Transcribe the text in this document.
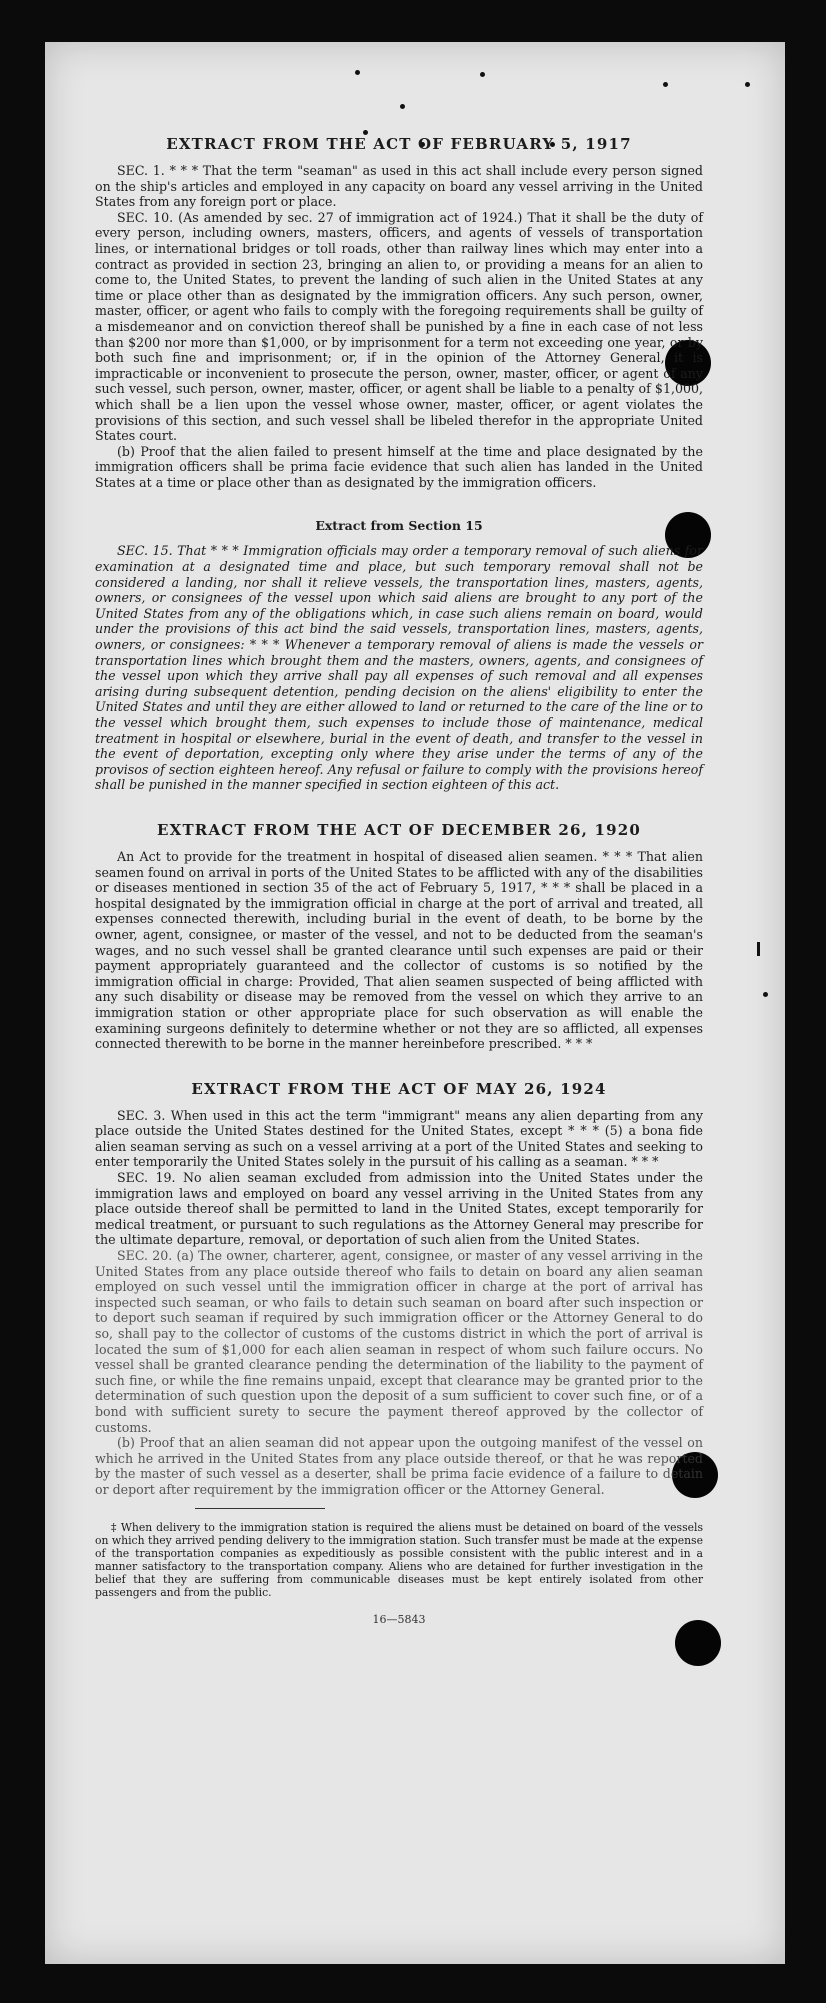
EXTRACT FROM THE ACT OF FEBRUARY 5, 1917

SEC. 1. * * * That the term "seaman" as used in this act shall include every person signed on the ship's articles and employed in any capacity on board any vessel arriving in the United States from any foreign port or place.

SEC. 10. (As amended by sec. 27 of immigration act of 1924.) That it shall be the duty of every person, including owners, masters, officers, and agents of vessels of transportation lines, or international bridges or toll roads, other than railway lines which may enter into a contract as provided in section 23, bringing an alien to, or providing a means for an alien to come to, the United States, to prevent the landing of such alien in the United States at any time or place other than as designated by the immigration officers. Any such person, owner, master, officer, or agent who fails to comply with the foregoing requirements shall be guilty of a misdemeanor and on conviction thereof shall be punished by a fine in each case of not less than $200 nor more than $1,000, or by imprisonment for a term not exceeding one year, or by both such fine and imprisonment; or, if in the opinion of the Attorney General, it is impracticable or inconvenient to prosecute the person, owner, master, officer, or agent of any such vessel, such person, owner, master, officer, or agent shall be liable to a penalty of $1,000, which shall be a lien upon the vessel whose owner, master, officer, or agent violates the provisions of this section, and such vessel shall be libeled therefor in the appropriate United States court.

(b) Proof that the alien failed to present himself at the time and place designated by the immigration officers shall be prima facie evidence that such alien has landed in the United States at a time or place other than as designated by the immigration officers.

Extract from Section 15

SEC. 15. That * * * Immigration officials may order a temporary removal of such aliens for examination at a designated time and place, but such temporary removal shall not be considered a landing, nor shall it relieve vessels, the transportation lines, masters, agents, owners, or consignees of the vessel upon which said aliens are brought to any port of the United States from any of the obligations which, in case such aliens remain on board, would under the provisions of this act bind the said vessels, transportation lines, masters, agents, owners, or consignees: * * * Whenever a temporary removal of aliens is made the vessels or transportation lines which brought them and the masters, owners, agents, and consignees of the vessel upon which they arrive shall pay all expenses of such removal and all expenses arising during subsequent detention, pending decision on the aliens' eligibility to enter the United States and until they are either allowed to land or returned to the care of the line or to the vessel which brought them, such expenses to include those of maintenance, medical treatment in hospital or elsewhere, burial in the event of death, and transfer to the vessel in the event of deportation, excepting only where they arise under the terms of any of the provisos of section eighteen hereof. Any refusal or failure to comply with the provisions hereof shall be punished in the manner specified in section eighteen of this act.

EXTRACT FROM THE ACT OF DECEMBER 26, 1920

An Act to provide for the treatment in hospital of diseased alien seamen. * * * That alien seamen found on arrival in ports of the United States to be afflicted with any of the disabilities or diseases mentioned in section 35 of the act of February 5, 1917, * * * shall be placed in a hospital designated by the immigration official in charge at the port of arrival and treated, all expenses connected therewith, including burial in the event of death, to be borne by the owner, agent, consignee, or master of the vessel, and not to be deducted from the seaman's wages, and no such vessel shall be granted clearance until such expenses are paid or their payment appropriately guaranteed and the collector of customs is so notified by the immigration official in charge: Provided, That alien seamen suspected of being afflicted with any such disability or disease may be removed from the vessel on which they arrive to an immigration station or other appropriate place for such observation as will enable the examining surgeons definitely to determine whether or not they are so afflicted, all expenses connected therewith to be borne in the manner hereinbefore prescribed. * * *

EXTRACT FROM THE ACT OF MAY 26, 1924

SEC. 3. When used in this act the term "immigrant" means any alien departing from any place outside the United States destined for the United States, except * * * (5) a bona fide alien seaman serving as such on a vessel arriving at a port of the United States and seeking to enter temporarily the United States solely in the pursuit of his calling as a seaman. * * *

SEC. 19. No alien seaman excluded from admission into the United States under the immigration laws and employed on board any vessel arriving in the United States from any place outside thereof shall be permitted to land in the United States, except temporarily for medical treatment, or pursuant to such regulations as the Attorney General may prescribe for the ultimate departure, removal, or deportation of such alien from the United States.

SEC. 20. (a) The owner, charterer, agent, consignee, or master of any vessel arriving in the United States from any place outside thereof who fails to detain on board any alien seaman employed on such vessel until the immigration officer in charge at the port of arrival has inspected such seaman, or who fails to detain such seaman on board after such inspection or to deport such seaman if required by such immigration officer or the Attorney General to do so, shall pay to the collector of customs of the customs district in which the port of arrival is located the sum of $1,000 for each alien seaman in respect of whom such failure occurs. No vessel shall be granted clearance pending the determination of the liability to the payment of such fine, or while the fine remains unpaid, except that clearance may be granted prior to the determination of such question upon the deposit of a sum sufficient to cover such fine, or of a bond with sufficient surety to secure the payment thereof approved by the collector of customs.

(b) Proof that an alien seaman did not appear upon the outgoing manifest of the vessel on which he arrived in the United States from any place outside thereof, or that he was reported by the master of such vessel as a deserter, shall be prima facie evidence of a failure to detain or deport after requirement by the immigration officer or the Attorney General.

‡ When delivery to the immigration station is required the aliens must be detained on board of the vessels on which they arrived pending delivery to the immigration station. Such transfer must be made at the expense of the transportation companies as expeditiously as possible consistent with the public interest and in a manner satisfactory to the transportation company. Aliens who are detained for further investigation in the belief that they are suffering from communicable diseases must be kept entirely isolated from other passengers and from the public.

16—5843
